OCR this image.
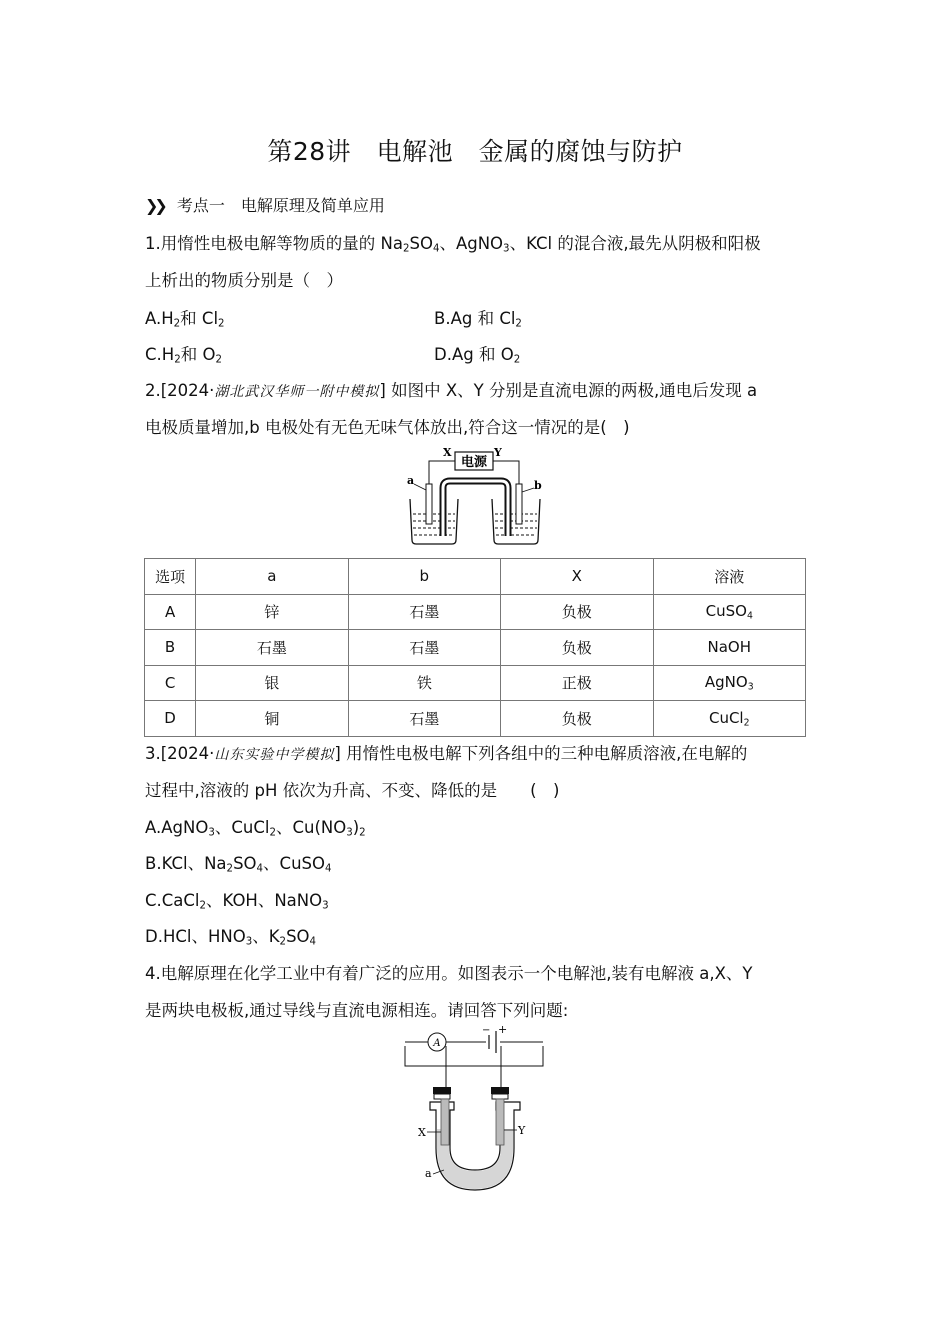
第28讲　电解池　金属的腐蚀与防护
❯❯ 考点一　电解原理及简单应用
1.用惰性电极电解等物质的量的 $Na_2SO_4$、AgNO$_3$、KCl 的混合液,最先从阴极和阳极
上析出的物质分别是（　）
$A.H_2$和 $Cl_2$	B.Ag 和 $Cl_2$
$C.H_2$和 $O_2$	D.Ag 和 $O_2$
2.[2024·湖北武汉华师一附中模拟] 如图中 X、Y 分别是直流电源的两极,通电后发现 a
电极质量增加,b 电极处有无色无味气体放出,符合这一情况的是(　)
电源
X	Y
a	b
选项	a	b	X	溶液
A	锌	石墨	负极	CuSO$_4$
B	石墨	石墨	负极	NaOH
C	银	铁	正极	AgNO$_3$
D	铜	石墨	负极	CuCl$_2$
3.[2024·山东实验中学模拟] 用惰性电极电解下列各组中的三种电解质溶液,在电解的
过程中,溶液的 pH 依次为升高、不变、降低的是　　(　)
A.AgNO$_3$、CuCl$_2$、$Cu(NO_3)_2$
B.KCl、$Na_2SO_4$、CuSO$_4$
C.CaCl$_2$、KOH、NaNO$_3$
D.HCl、$HNO_3$、$K_2SO_4$
4.电解原理在化学工业中有着广泛的应用。如图表示一个电解池,装有电解液 a,X、Y
是两块电极板,通过导线与直流电源相连。请回答下列问题:
A
− +
X	Y
a
